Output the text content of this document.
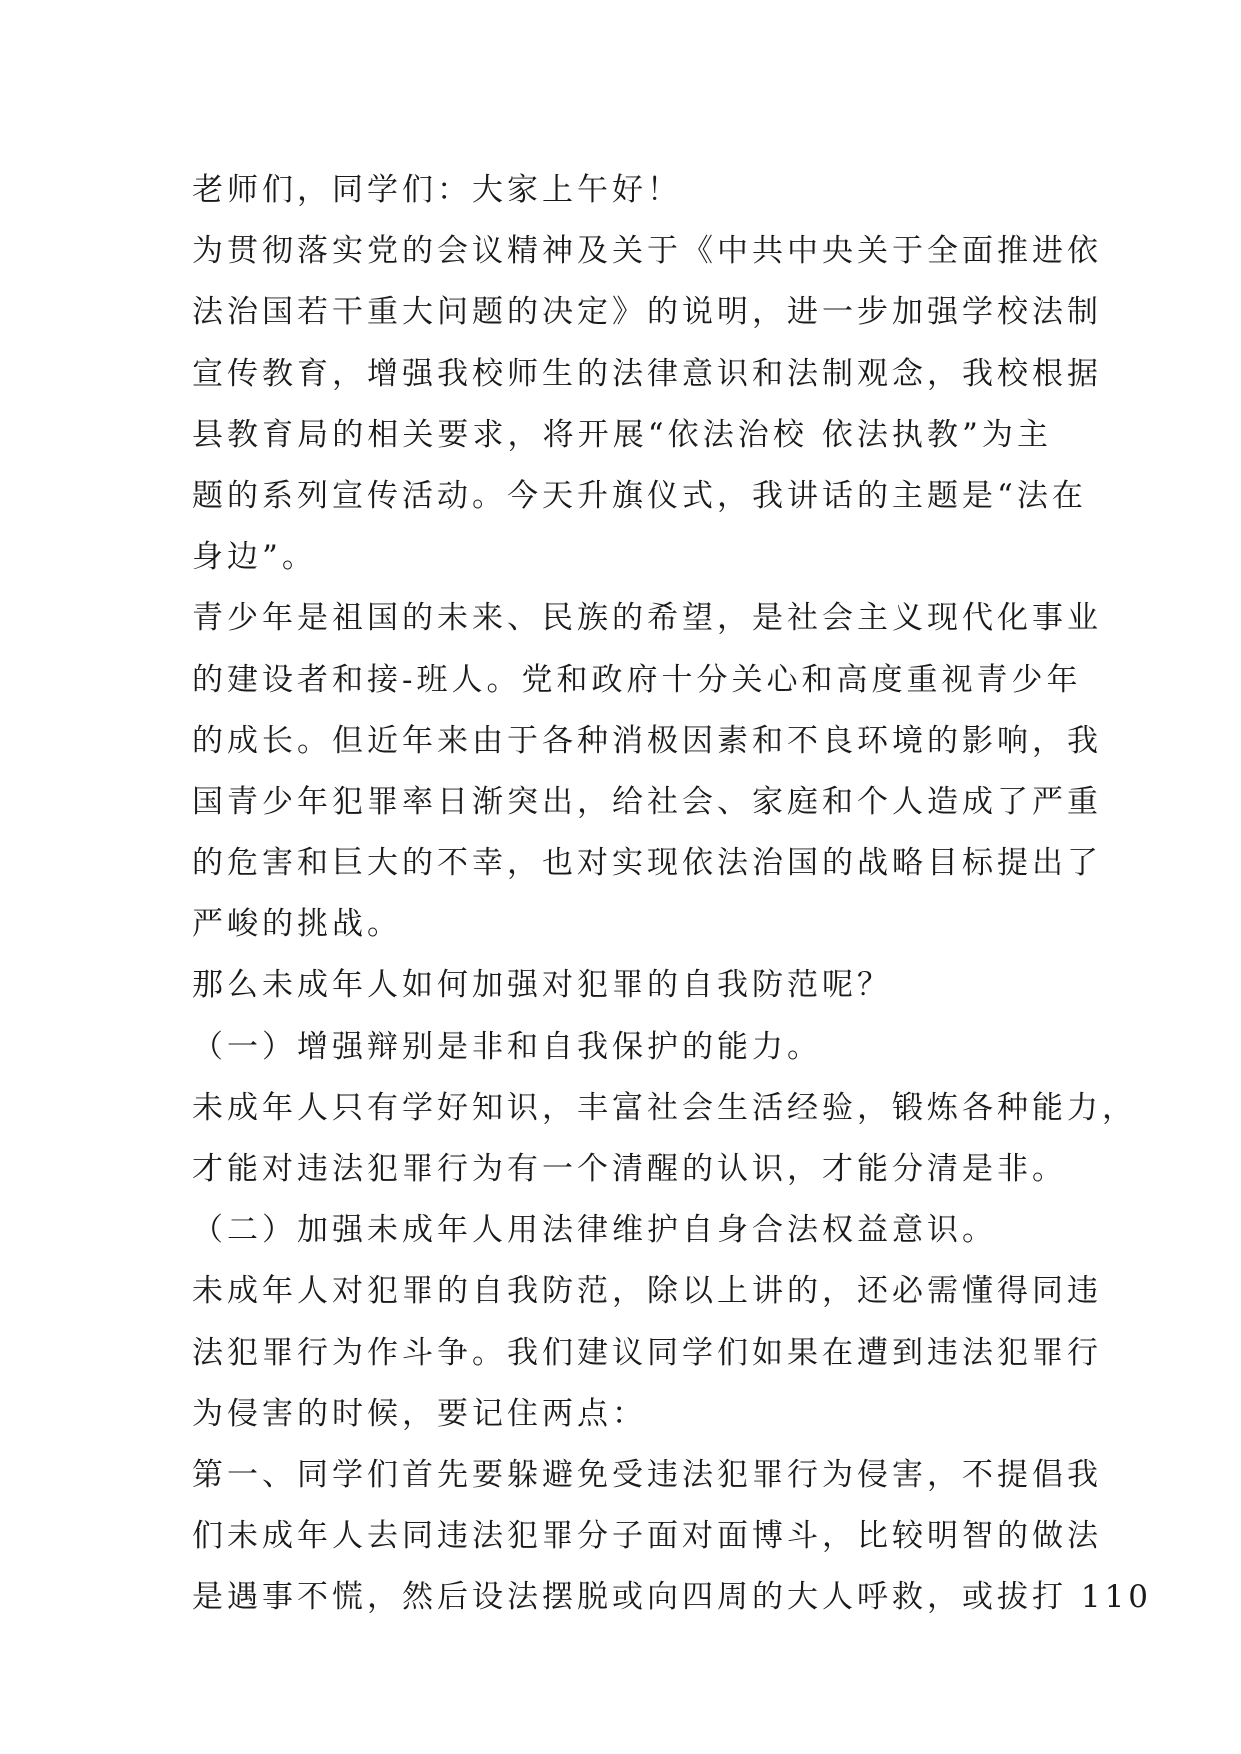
老师们，同学们：大家上午好！
为贯彻落实党的会议精神及关于《中共中央关于全面推进依
法治国若干重大问题的决定》的说明，进一步加强学校法制
宣传教育，增强我校师生的法律意识和法制观念，我校根据
县教育局的相关要求，将开展“依法治校 依法执教”为主
题的系列宣传活动。今天升旗仪式，我讲话的主题是“法在
身边”。
青少年是祖国的未来、民族的希望，是社会主义现代化事业
的建设者和接-班人。党和政府十分关心和高度重视青少年
的成长。但近年来由于各种消极因素和不良环境的影响，我
国青少年犯罪率日渐突出，给社会、家庭和个人造成了严重
的危害和巨大的不幸，也对实现依法治国的战略目标提出了
严峻的挑战。
那么未成年人如何加强对犯罪的自我防范呢？
（一）增强辩别是非和自我保护的能力。
未成年人只有学好知识，丰富社会生活经验，锻炼各种能力，
才能对违法犯罪行为有一个清醒的认识，才能分清是非。
（二）加强未成年人用法律维护自身合法权益意识。
未成年人对犯罪的自我防范，除以上讲的，还必需懂得同违
法犯罪行为作斗争。我们建议同学们如果在遭到违法犯罪行
为侵害的时候，要记住两点：
第一、同学们首先要躲避免受违法犯罪行为侵害，不提倡我
们未成年人去同违法犯罪分子面对面博斗，比较明智的做法
是遇事不慌，然后设法摆脱或向四周的大人呼救，或拔打 110
